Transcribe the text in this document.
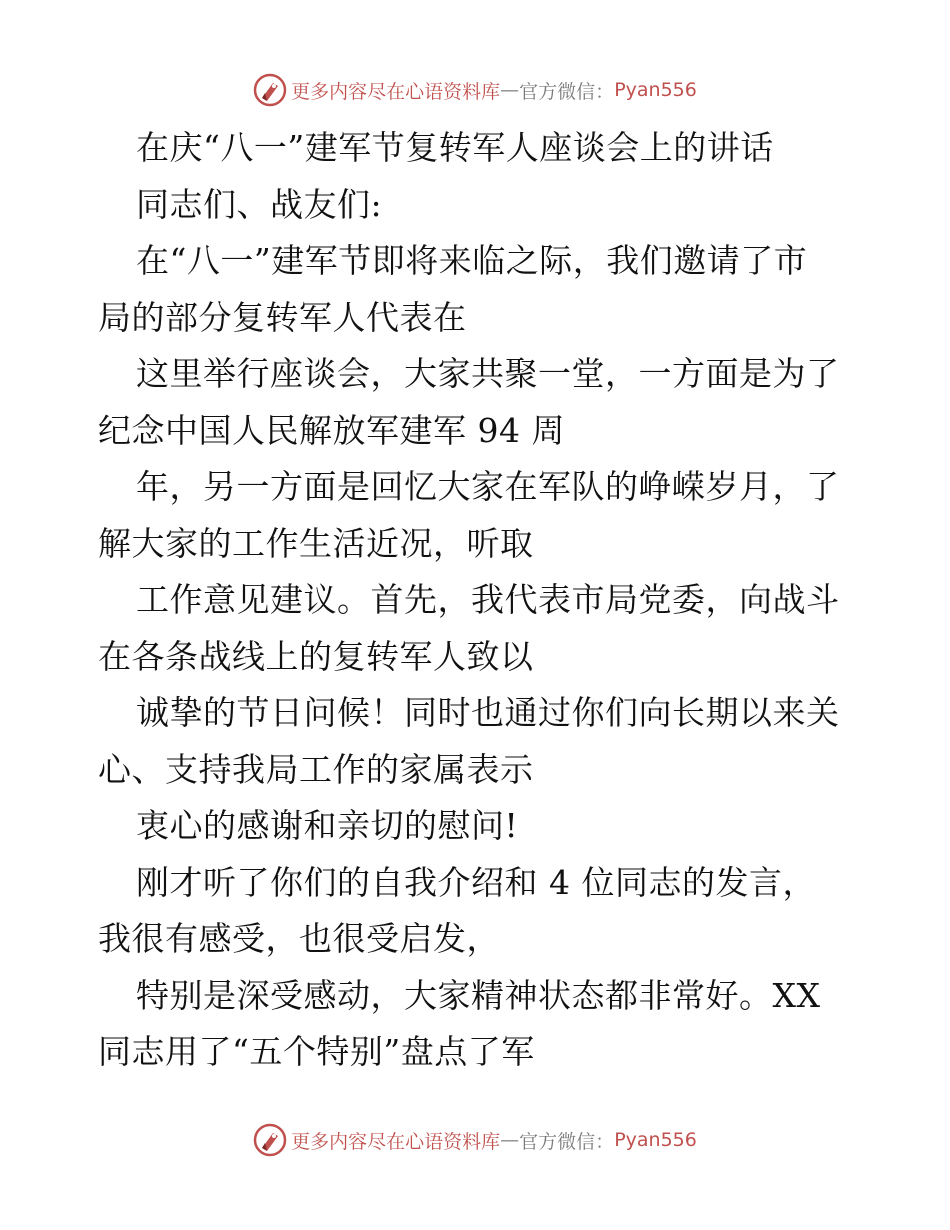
更多内容尽在心语资料库 — 官方微信： Pyan556
在庆“八一”建军节复转军人座谈会上的讲话
同志们、战友们:
在“八一”建军节即将来临之际，我们邀请了市
局的部分复转军人代表在
这里举行座谈会，大家共聚一堂，一方面是为了
纪念中国人民解放军建军 94 周
年，另一方面是回忆大家在军队的峥嵘岁月，了
解大家的工作生活近况，听取
工作意见建议。首先，我代表市局党委，向战斗
在各条战线上的复转军人致以
诚挚的节日问候！同时也通过你们向长期以来关
心、支持我局工作的家属表示
衷心的感谢和亲切的慰问!
刚才听了你们的自我介绍和 4 位同志的发言，
我很有感受，也很受启发，
特别是深受感动，大家精神状态都非常好。XX
同志用了“五个特别”盘点了军
更多内容尽在心语资料库 — 官方微信： Pyan556
